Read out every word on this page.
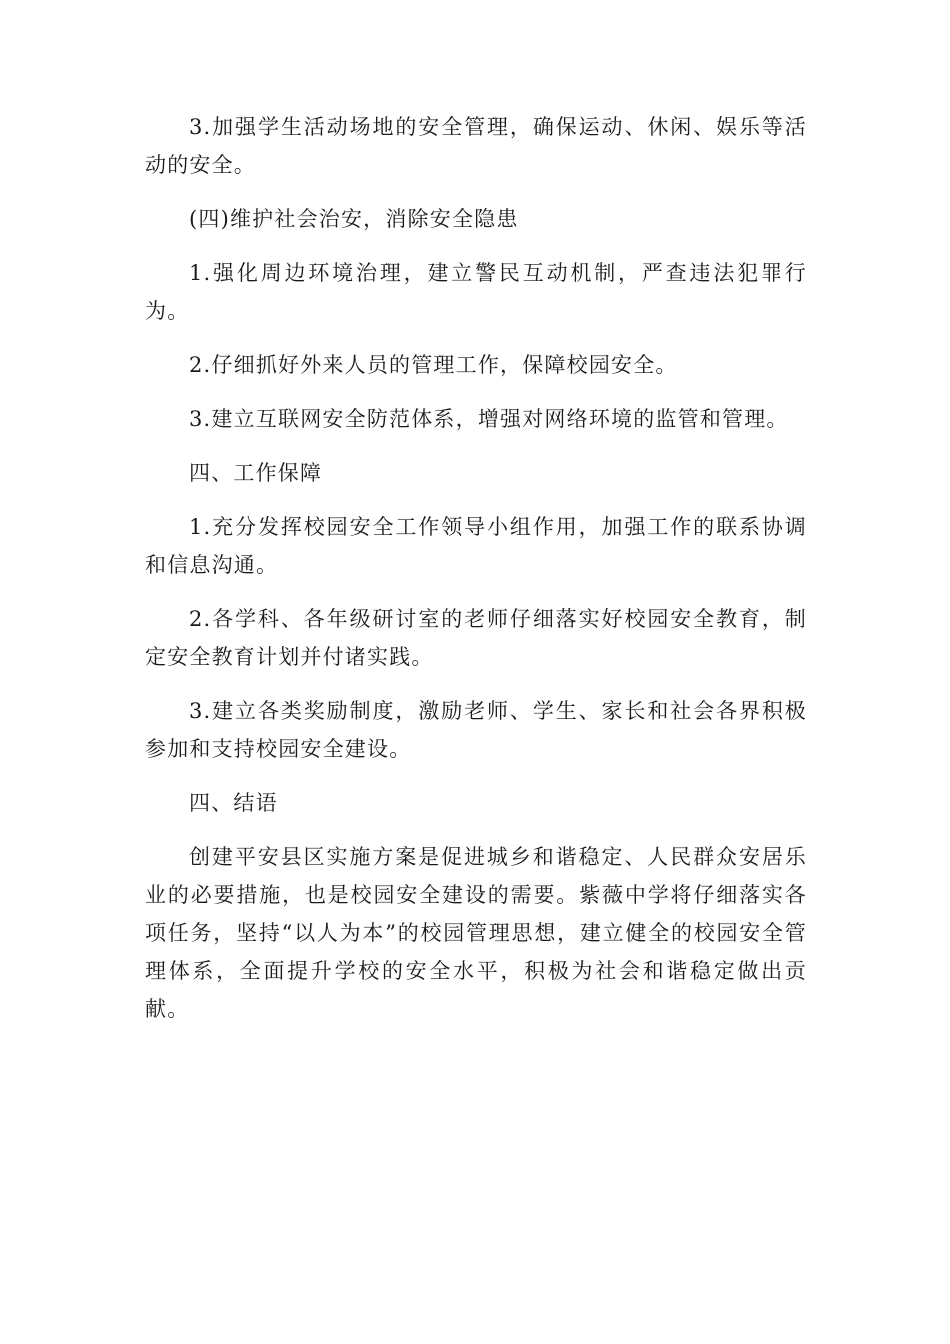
3.加强学生活动场地的安全管理，确保运动、休闲、娱乐等活动的安全。

(四)维护社会治安，消除安全隐患

1.强化周边环境治理，建立警民互动机制，严查违法犯罪行为。

2.仔细抓好外来人员的管理工作，保障校园安全。

3.建立互联网安全防范体系，增强对网络环境的监管和管理。

四、工作保障

1.充分发挥校园安全工作领导小组作用，加强工作的联系协调和信息沟通。

2.各学科、各年级研讨室的老师仔细落实好校园安全教育，制定安全教育计划并付诸实践。

3.建立各类奖励制度，激励老师、学生、家长和社会各界积极参加和支持校园安全建设。

四、结语

创建平安县区实施方案是促进城乡和谐稳定、人民群众安居乐业的必要措施，也是校园安全建设的需要。紫薇中学将仔细落实各项任务，坚持“以人为本”的校园管理思想，建立健全的校园安全管理体系，全面提升学校的安全水平，积极为社会和谐稳定做出贡献。
